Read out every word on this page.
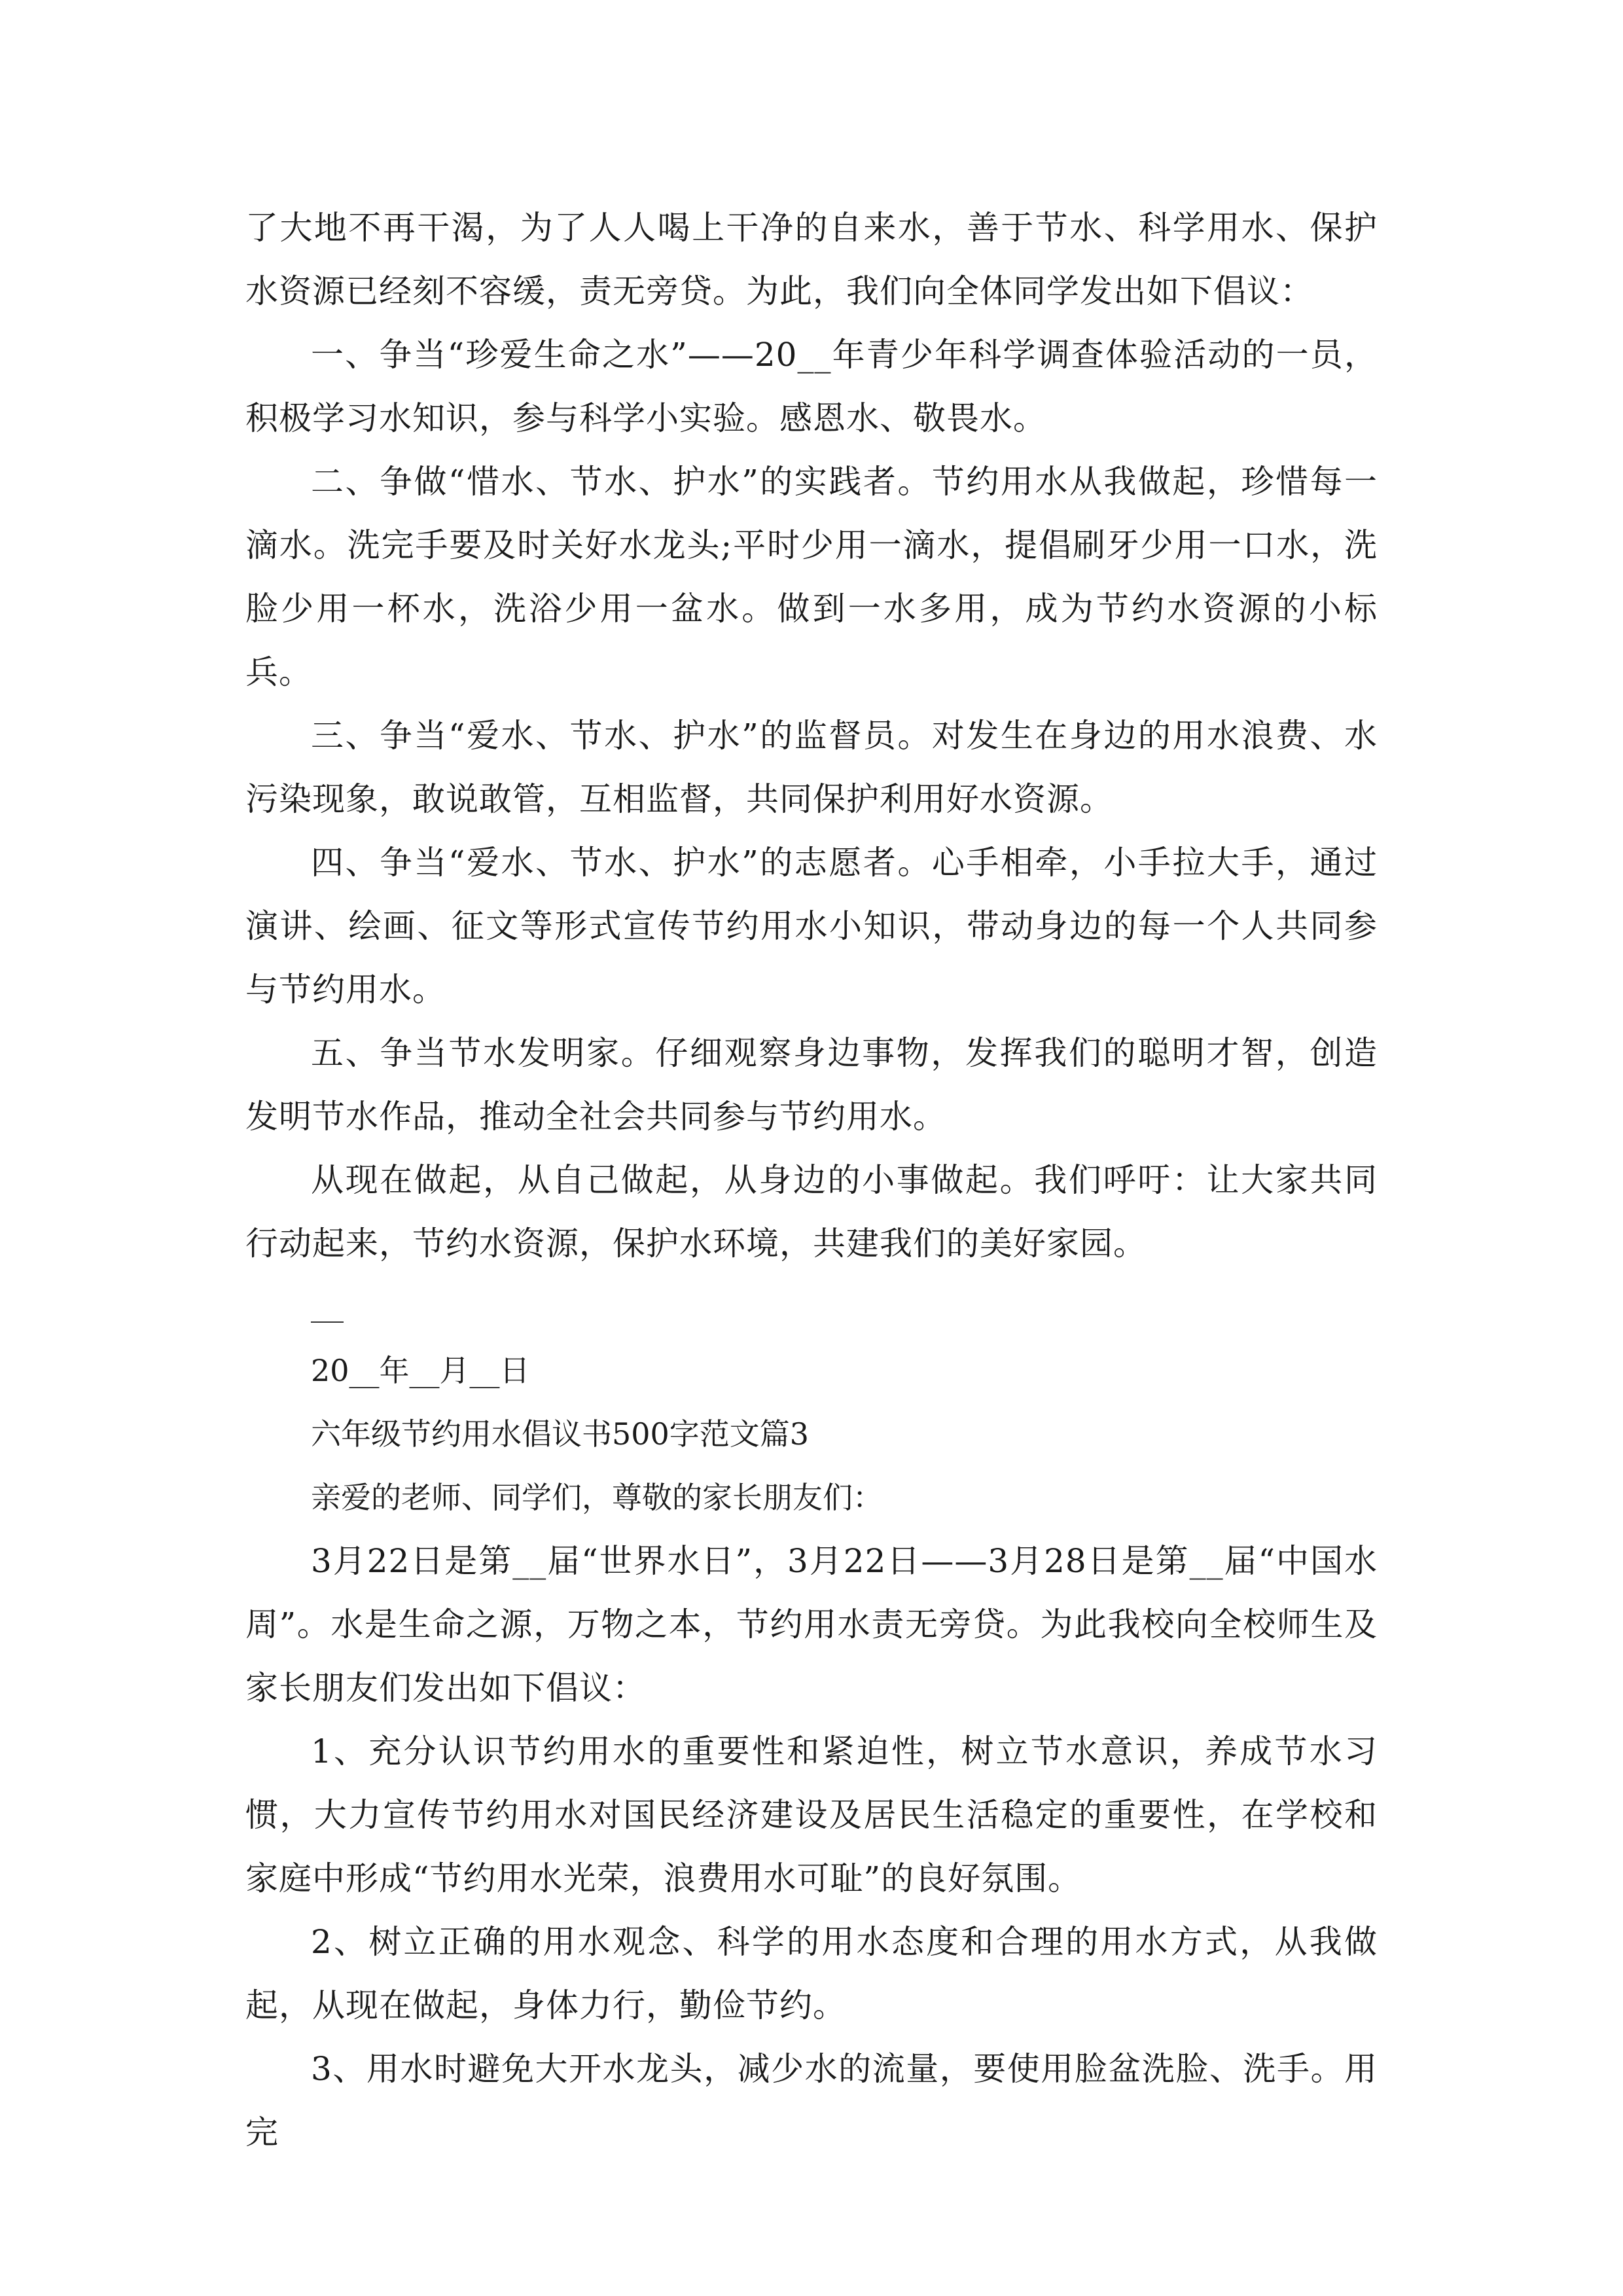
了大地不再干渴，为了人人喝上干净的自来水，善于节水、科学用水、保护水资源已经刻不容缓，责无旁贷。为此，我们向全体同学发出如下倡议：

一、争当“珍爱生命之水”——20__年青少年科学调查体验活动的一员，积极学习水知识，参与科学小实验。感恩水、敬畏水。

二、争做“惜水、节水、护水”的实践者。节约用水从我做起，珍惜每一滴水。洗完手要及时关好水龙头;平时少用一滴水，提倡刷牙少用一口水，洗脸少用一杯水，洗浴少用一盆水。做到一水多用，成为节约水资源的小标兵。

三、争当“爱水、节水、护水”的监督员。对发生在身边的用水浪费、水污染现象，敢说敢管，互相监督，共同保护利用好水资源。

四、争当“爱水、节水、护水”的志愿者。心手相牵，小手拉大手，通过演讲、绘画、征文等形式宣传节约用水小知识，带动身边的每一个人共同参与节约用水。

五、争当节水发明家。仔细观察身边事物，发挥我们的聪明才智，创造发明节水作品，推动全社会共同参与节约用水。

从现在做起，从自己做起，从身边的小事做起。我们呼吁：让大家共同行动起来，节约水资源，保护水环境，共建我们的美好家园。

20__年__月__日

六年级节约用水倡议书500字范文篇3

亲爱的老师、同学们，尊敬的家长朋友们：

3月22日是第__届“世界水日”，3月22日——3月28日是第__届“中国水周”。水是生命之源，万物之本，节约用水责无旁贷。为此我校向全校师生及家长朋友们发出如下倡议：

1、充分认识节约用水的重要性和紧迫性，树立节水意识，养成节水习惯，大力宣传节约用水对国民经济建设及居民生活稳定的重要性，在学校和家庭中形成“节约用水光荣，浪费用水可耻”的良好氛围。

2、树立正确的用水观念、科学的用水态度和合理的用水方式，从我做起，从现在做起，身体力行，勤俭节约。

3、用水时避免大开水龙头，减少水的流量，要使用脸盆洗脸、洗手。用完
